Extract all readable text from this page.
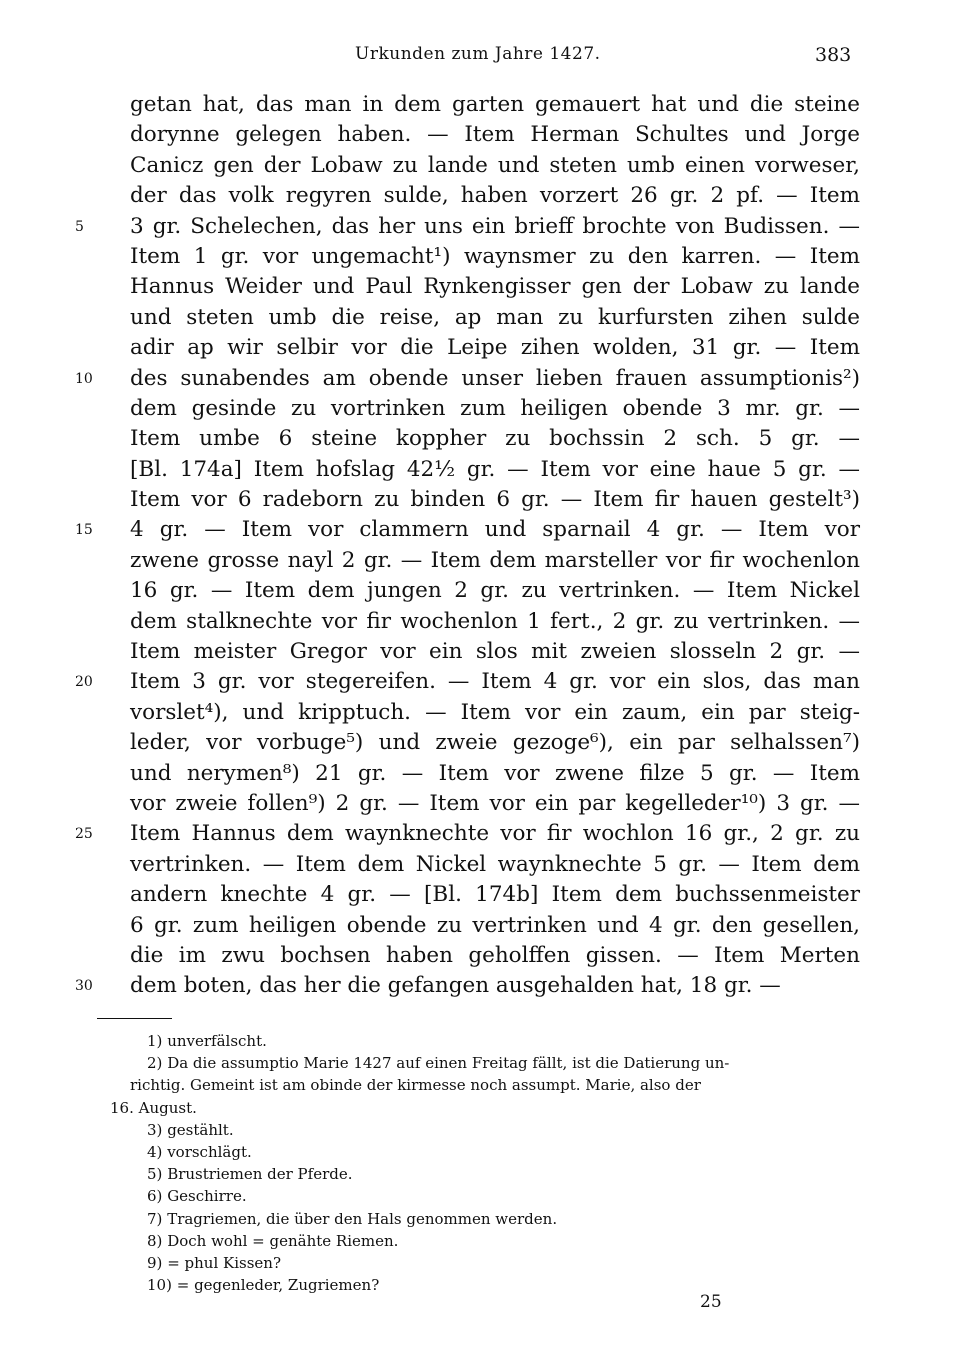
Urkunden zum Jahre 1427.	383
getan hat, das man in dem garten gemauert hat und die steine
dorynne gelegen haben. — Item Herman Schultes und Jorge
Canicz gen der Lobaw zu lande und steten umb einen vorweser,
der das volk regyren sulde, haben vorzert 26 gr. 2 pf. — Item
5	3 gr. Schelechen, das her uns ein brieff brochte von Budissen. —
Item 1 gr. vor ungemacht¹) waynsmer zu den karren. — Item
Hannus Weider und Paul Rynkengisser gen der Lobaw zu lande
und steten umb die reise, ap man zu kurfursten zihen sulde
adir ap wir selbir vor die Leipe zihen wolden, 31 gr. — Item
10	des sunabendes am obende unser lieben frauen assumptionis²)
dem gesinde zu vortrinken zum heiligen obende 3 mr. gr. —
Item umbe 6 steine koppher zu bochssin 2 sch. 5 gr. —
[Bl. 174a] Item hofslag 42½ gr. — Item vor eine haue 5 gr. —
Item vor 6 radeborn zu binden 6 gr. — Item fir hauen gestelt³)
15	4 gr. — Item vor clammern und sparnail 4 gr. — Item vor
zwene grosse nayl 2 gr. — Item dem marsteller vor fir wochenlon
16 gr. — Item dem jungen 2 gr. zu vertrinken. — Item Nickel
dem stalknechte vor fir wochenlon 1 fert., 2 gr. zu vertrinken. —
Item meister Gregor vor ein slos mit zweien slosseln 2 gr. —
20	Item 3 gr. vor stegereifen. — Item 4 gr. vor ein slos, das man
vorslet⁴), und kripptuch. — Item vor ein zaum, ein par steig-
leder, vor vorbuge⁵) und zweie gezoge⁶), ein par selhalssen⁷)
und nerymen⁸) 21 gr. — Item vor zwene filze 5 gr. — Item
vor zweie follen⁹) 2 gr. — Item vor ein par kegelleder¹⁰) 3 gr. —
25	Item Hannus dem waynknechte vor fir wochlon 16 gr., 2 gr. zu
vertrinken. — Item dem Nickel waynknechte 5 gr. — Item dem
andern knechte 4 gr. — [Bl. 174b] Item dem buchssenmeister
6 gr. zum heiligen obende zu vertrinken und 4 gr. den gesellen,
die im zwu bochsen haben geholffen gissen. — Item Merten
30	dem boten, das her die gefangen ausgehalden hat, 18 gr. —
1) unverfälscht.
2) Da die assumptio Marie 1427 auf einen Freitag fällt, ist die Datierung un-
richtig. Gemeint ist am obinde der kirmesse noch assumpt. Marie, also der
16. August.
3) gestählt.
4) vorschlägt.
5) Brustriemen der Pferde.
6) Geschirre.
7) Tragriemen, die über den Hals genommen werden.
8) Doch wohl = genähte Riemen.
9) = phul Kissen?
10) = gegenleder, Zugriemen?
25
